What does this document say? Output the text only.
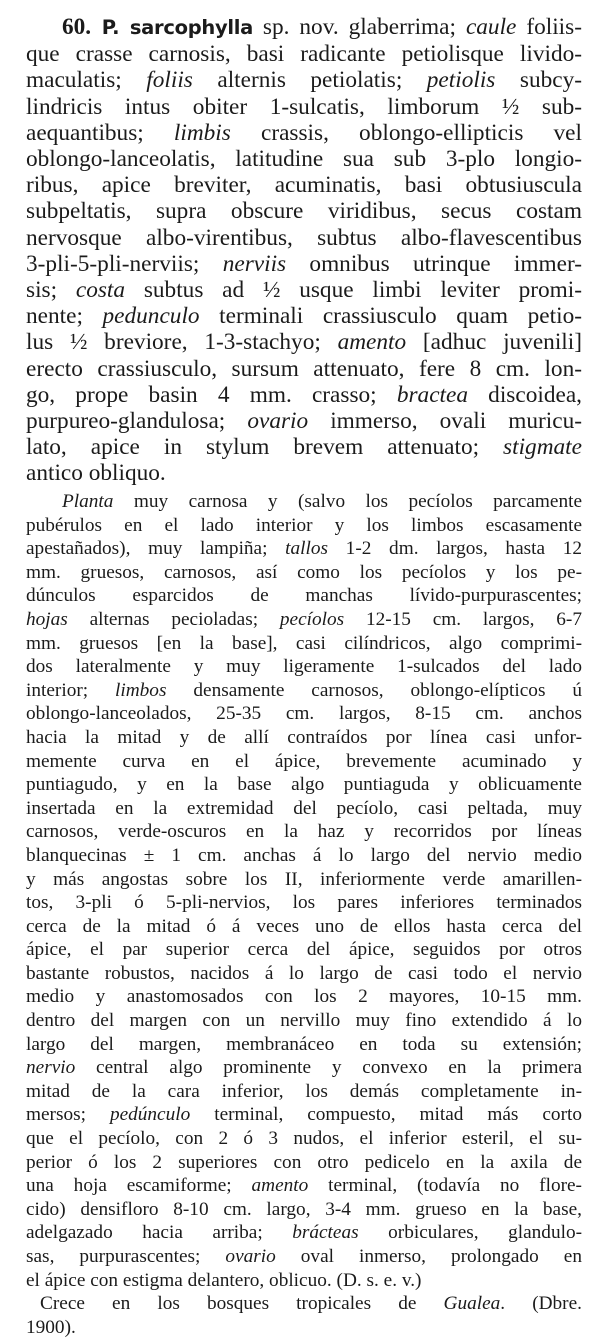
60. P. sarcophylla sp. nov. glaberrima; caule foliis-
que crasse carnosis, basi radicante petiolisque livido-
maculatis; foliis alternis petiolatis; petiolis subcy-
lindricis intus obiter 1-sulcatis, limborum ½ sub-
aequantibus; limbis crassis, oblongo-ellipticis vel
oblongo-lanceolatis, latitudine sua sub 3-plo longio-
ribus, apice breviter, acuminatis, basi obtusiuscula
subpeltatis, supra obscure viridibus, secus costam
nervosque albo-virentibus, subtus albo-flavescentibus
3-pli-5-pli-nerviis; nerviis omnibus utrinque immer-
sis; costa subtus ad ½ usque limbi leviter promi-
nente; pedunculo terminali crassiusculo quam petio-
lus ½ breviore, 1-3-stachyo; amento [adhuc juvenili]
erecto crassiusculo, sursum attenuato, fere 8 cm. lon-
go, prope basin 4 mm. crasso; bractea discoidea,
purpureo-glandulosa; ovario immerso, ovali muricu-
lato, apice in stylum brevem attenuato; stigmate
antico obliquo.
Planta muy carnosa y (salvo los pecíolos parcamente
pubérulos en el lado interior y los limbos escasamente
apestañados), muy lampiña; tallos 1-2 dm. largos, hasta 12
mm. gruesos, carnosos, así como los pecíolos y los pe-
dúnculos esparcidos de manchas lívido-purpurascentes;
hojas alternas pecioladas; pecíolos 12-15 cm. largos, 6-7
mm. gruesos [en la base], casi cilíndricos, algo comprimi-
dos lateralmente y muy ligeramente 1-sulcados del lado
interior; limbos densamente carnosos, oblongo-elípticos ú
oblongo-lanceolados, 25-35 cm. largos, 8-15 cm. anchos
hacia la mitad y de allí contraídos por línea casi unfor-
memente curva en el ápice, brevemente acuminado y
puntiagudo, y en la base algo puntiaguda y oblicuamente
insertada en la extremidad del pecíolo, casi peltada, muy
carnosos, verde-oscuros en la haz y recorridos por líneas
blanquecinas ± 1 cm. anchas á lo largo del nervio medio
y más angostas sobre los II, inferiormente verde amarillen-
tos, 3-pli ó 5-pli-nervios, los pares inferiores terminados
cerca de la mitad ó á veces uno de ellos hasta cerca del
ápice, el par superior cerca del ápice, seguidos por otros
bastante robustos, nacidos á lo largo de casi todo el nervio
medio y anastomosados con los 2 mayores, 10-15 mm.
dentro del margen con un nervillo muy fino extendido á lo
largo del margen, membranáceo en toda su extensión;
nervio central algo prominente y convexo en la primera
mitad de la cara inferior, los demás completamente in-
mersos; pedúnculo terminal, compuesto, mitad más corto
que el pecíolo, con 2 ó 3 nudos, el inferior esteril, el su-
perior ó los 2 superiores con otro pedicelo en la axila de
una hoja escamiforme; amento terminal, (todavía no flore-
cido) densifloro 8-10 cm. largo, 3-4 mm. grueso en la base,
adelgazado hacia arriba; brácteas orbiculares, glandulo-
sas, purpurascentes; ovario oval inmerso, prolongado en
el ápice con estigma delantero, oblicuo. (D. s. e. v.)
Crece en los bosques tropicales de Gualea. (Dbre.
1900).
